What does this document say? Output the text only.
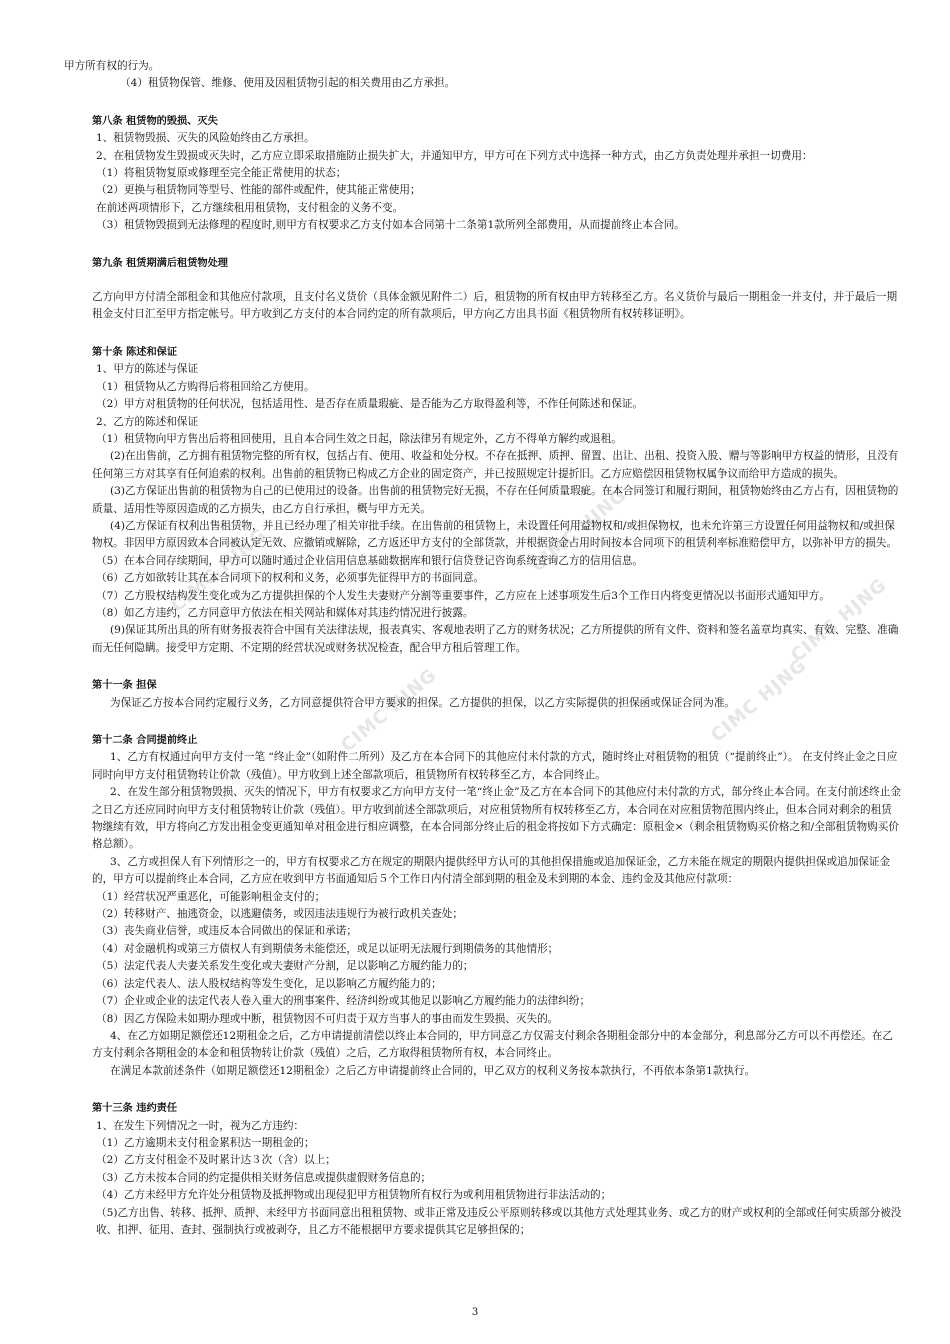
CIMC HJNG
CIMC HJNG
CIMC HJNG
CIMC HJNG
CIMC HJNG

甲方所有权的行为。

（4）租赁物保管、维修、使用及因租赁物引起的相关费用由乙方承担。

第八条 租赁物的毁损、灭失

1、租赁物毁损、灭失的风险始终由乙方承担。

2、在租赁物发生毁损或灭失时，乙方应立即采取措施防止损失扩大，并通知甲方，甲方可在下列方式中选择一种方式，由乙方负责处理并承担一切费用：

（1）将租赁物复原或修理至完全能正常使用的状态；

（2）更换与租赁物同等型号、性能的部件或配件，使其能正常使用；

在前述两项情形下，乙方继续租用租赁物，支付租金的义务不变。

（3）租赁物毁损到无法修理的程度时,则甲方有权要求乙方支付如本合同第十二条第1款所列全部费用，从而提前终止本合同。

第九条 租赁期满后租赁物处理

乙方向甲方付清全部租金和其他应付款项，且支付名义货价（具体金额见附件二）后，租赁物的所有权由甲方转移至乙方。名义货价与最后一期租金一并支付，并于最后一期租金支付日汇至甲方指定帐号。甲方收到乙方支付的本合同约定的所有款项后，甲方向乙方出具书面《租赁物所有权转移证明》。

第十条 陈述和保证

1、甲方的陈述与保证

（1）租赁物从乙方购得后将租回给乙方使用。

（2）甲方对租赁物的任何状况，包括适用性、是否存在质量瑕疵、是否能为乙方取得盈利等，不作任何陈述和保证。

2、乙方的陈述和保证

（1）租赁物向甲方售出后将租回使用，且自本合同生效之日起，除法律另有规定外，乙方不得单方解约或退租。

(2)在出售前，乙方拥有租赁物完整的所有权，包括占有、使用、收益和处分权。不存在抵押、质押、留置、出让、出租、投资入股、赠与等影响甲方权益的情形，且没有任何第三方对其享有任何追索的权利。出售前的租赁物已构成乙方企业的固定资产，并已按照规定计提折旧。乙方应赔偿因租赁物权属争议而给甲方造成的损失。

(3)乙方保证出售前的租赁物为自己的已使用过的设备。出售前的租赁物完好无损，不存在任何质量瑕疵。在本合同签订和履行期间，租赁物始终由乙方占有，因租赁物的质量、适用性等原因造成的乙方损失，由乙方自行承担，概与甲方无关。

(4)乙方保证有权利出售租赁物，并且已经办理了相关审批手续。在出售前的租赁物上，未设置任何用益物权和/或担保物权，也未允许第三方设置任何用益物权和/或担保物权。非因甲方原因致本合同被认定无效、应撤销或解除，乙方返还甲方支付的全部货款，并根据资金占用时间按本合同项下的租赁利率标准赔偿甲方，以弥补甲方的损失。

（5）在本合同存续期间，甲方可以随时通过企业信用信息基础数据库和银行信贷登记咨询系统查询乙方的信用信息。

（6）乙方如欲转让其在本合同项下的权利和义务，必须事先征得甲方的书面同意。

（7）乙方股权结构发生变化或为乙方提供担保的个人发生夫妻财产分割等重要事件，乙方应在上述事项发生后3个工作日内将变更情况以书面形式通知甲方。

（8）如乙方违约，乙方同意甲方依法在相关网站和媒体对其违约情况进行披露。

(9)保证其所出具的所有财务报表符合中国有关法律法规，报表真实、客观地表明了乙方的财务状况；乙方所提供的所有文件、资料和签名盖章均真实、有效、完整、准确而无任何隐瞒。接受甲方定期、不定期的经营状况或财务状况检查，配合甲方租后管理工作。

第十一条 担保

为保证乙方按本合同约定履行义务，乙方同意提供符合甲方要求的担保。乙方提供的担保，以乙方实际提供的担保函或保证合同为准。

第十二条 合同提前终止

1、乙方有权通过向甲方支付一笔 “终止金”（如附件二所列）及乙方在本合同下的其他应付未付款的方式，随时终止对租赁物的租赁（“提前终止”）。 在支付终止金之日应同时向甲方支付租赁物转让价款（残值）。甲方收到上述全部款项后，租赁物所有权转移至乙方，本合同终止。

2、在发生部分租赁物毁损、灭失的情况下，甲方有权要求乙方向甲方支付一笔“终止金”及乙方在本合同下的其他应付未付款的方式，部分终止本合同。在支付前述终止金之日乙方还应同时向甲方支付租赁物转让价款（残值）。甲方收到前述全部款项后，对应租赁物所有权转移至乙方，本合同在对应租赁物范围内终止，但本合同对剩余的租赁物继续有效，甲方将向乙方发出租金变更通知单对租金进行相应调整，在本合同部分终止后的租金将按如下方式确定：原租金×（剩余租赁物购买价格之和/全部租赁物购买价格总额）。

3、乙方或担保人有下列情形之一的，甲方有权要求乙方在规定的期限内提供经甲方认可的其他担保措施或追加保证金，乙方未能在规定的期限内提供担保或追加保证金的，甲方可以提前终止本合同，乙方应在收到甲方书面通知后５个工作日内付清全部到期的租金及未到期的本金、违约金及其他应付款项：

（1）经营状况严重恶化，可能影响租金支付的；

（2）转移财产、抽逃资金，以逃避债务，或因违法违规行为被行政机关查处；

（3）丧失商业信誉，或违反本合同做出的保证和承诺；

（4）对金融机构或第三方债权人有到期债务未能偿还，或足以证明无法履行到期债务的其他情形；

（5）法定代表人夫妻关系发生变化或夫妻财产分割，足以影响乙方履约能力的；

（6）法定代表人、法人股权结构等发生变化，足以影响乙方履约能力的；

（7）企业或企业的法定代表人卷入重大的刑事案件、经济纠纷或其他足以影响乙方履约能力的法律纠纷；

（8）因乙方保险未如期办理或中断，租赁物因不可归责于双方当事人的事由而发生毁损、灭失的。

4、在乙方如期足额偿还12期租金之后，乙方申请提前清偿以终止本合同的，甲方同意乙方仅需支付剩余各期租金部分中的本金部分，利息部分乙方可以不再偿还。在乙方支付剩余各期租金的本金和租赁物转让价款（残值）之后，乙方取得租赁物所有权，本合同终止。

在满足本款前述条件（如期足额偿还12期租金）之后乙方申请提前终止合同的，甲乙双方的权利义务按本款执行，不再依本条第1款执行。

第十三条 违约责任

1、在发生下列情况之一时，视为乙方违约：

（1）乙方逾期未支付租金累积达一期租金的；

（2）乙方支付租金不及时累计达３次（含）以上；

（3）乙方未按本合同的约定提供相关财务信息或提供虚假财务信息的；

（4）乙方未经甲方允许处分租赁物及抵押物或出现侵犯甲方租赁物所有权行为或利用租赁物进行非法活动的；

（5)乙方出售、转移、抵押、质押、未经甲方书面同意出租租赁物、或非正常及违反公平原则转移或以其他方式处理其业务、或乙方的财产或权利的全部或任何实质部分被没收、扣押、征用、查封、强制执行或被剥夺，且乙方不能根据甲方要求提供其它足够担保的；

3
